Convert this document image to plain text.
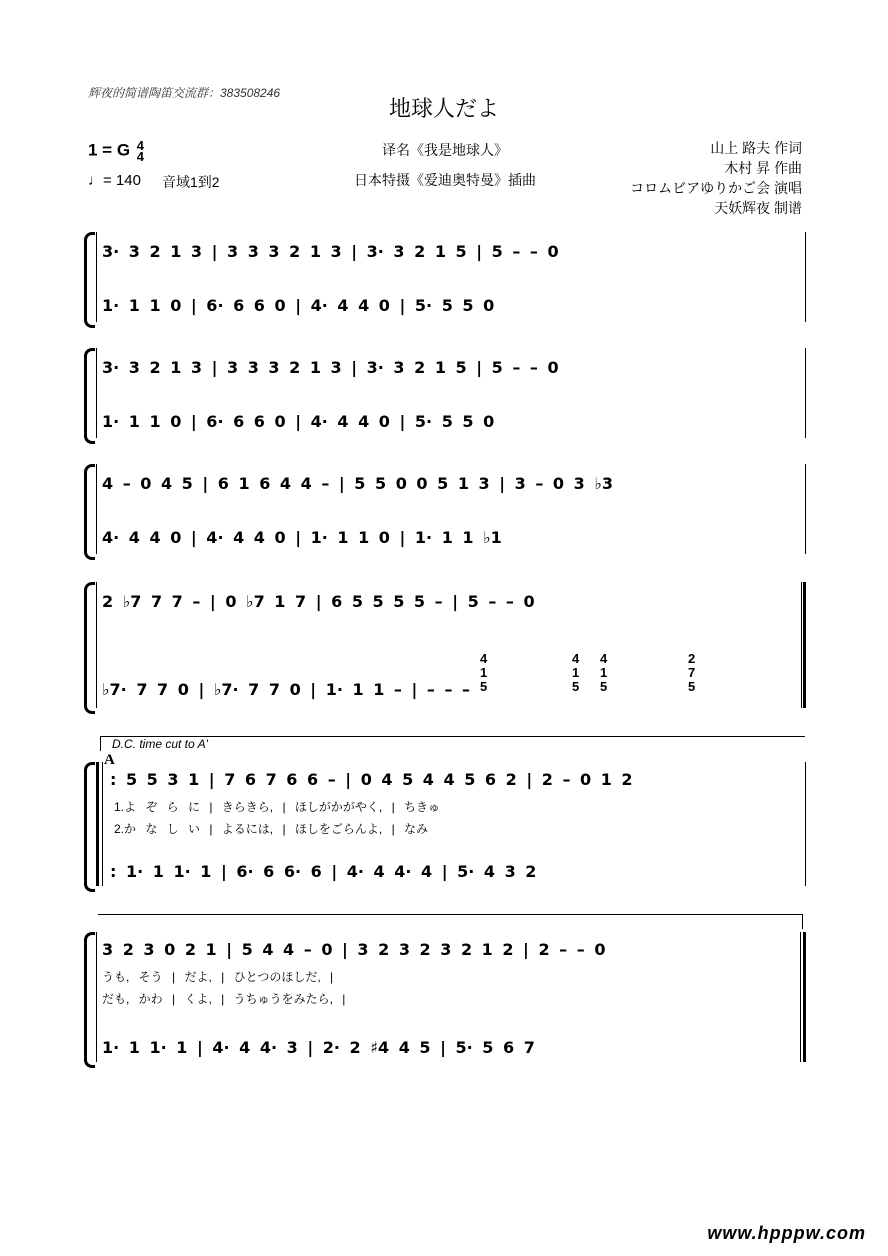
辉夜的简谱陶笛交流群：383508246
地球人だよ
1 = G 4
4
♩= 140 音域1到2
译名《我是地球人》
日本特摄《爱迪奥特曼》插曲
山上 路夫 作词
木村 昇 作曲
コロムビアゆりかご会 演唱
天妖辉夜 制谱
3· 3 2 1 3 | 3 3 3 2 1 3 | 3· 3 2 1 5 | 5 – – 0
1· 1 1 0 | 6· 6 6 0 | 4· 4 4 0 | 5· 5 5 0
3· 3 2 1 3 | 3 3 3 2 1 3 | 3· 3 2 1 5 | 5 – – 0
1· 1 1 0 | 6· 6 6 0 | 4· 4 4 0 | 5· 5 5 0
4 – 0 4 5 | 6 1 6 4 4 – | 5 5 0 0 5 1 3 | 3 – 0 3 ♭3
4· 4 4 0 | 4· 4 4 0 | 1· 1 1 0 | 1· 1 1 ♭1
2 ♭7 7 7 – | 0 ♭7 1 7 | 6 5 5 5 5 – | 5 – – 0
4
1
5
4
1
5
4
1
5
2
7
5
♭7· 7 7 0 | ♭7· 7 7 0 | 1· 1 1 – | – – –
D.C. time cut to A'
A
: 5 5 3 1 | 7 6 7 6 6 – | 0 4 5 4 4 5 6 2 | 2 – 0 1 2
1.よ ぞ ら に | きらきら, | ほしがかがやく, | ちきゅ
2.か な し い | よるには, | ほしをごらんよ, | なみ
: 1· 1 1· 1 | 6· 6 6· 6 | 4· 4 4· 4 | 5· 4 3 2
3 2 3 0 2 1 | 5 4 4 – 0 | 3 2 3 2 3 2 1 2 | 2 – – 0
うも, そう | だよ, | ひとつのほしだ, |
だも, かわ | くよ, | うちゅうをみたら, |
1· 1 1· 1 | 4· 4 4· 3 | 2· 2 ♯4 4 5 | 5· 5 6 7
www.hpppw.com
